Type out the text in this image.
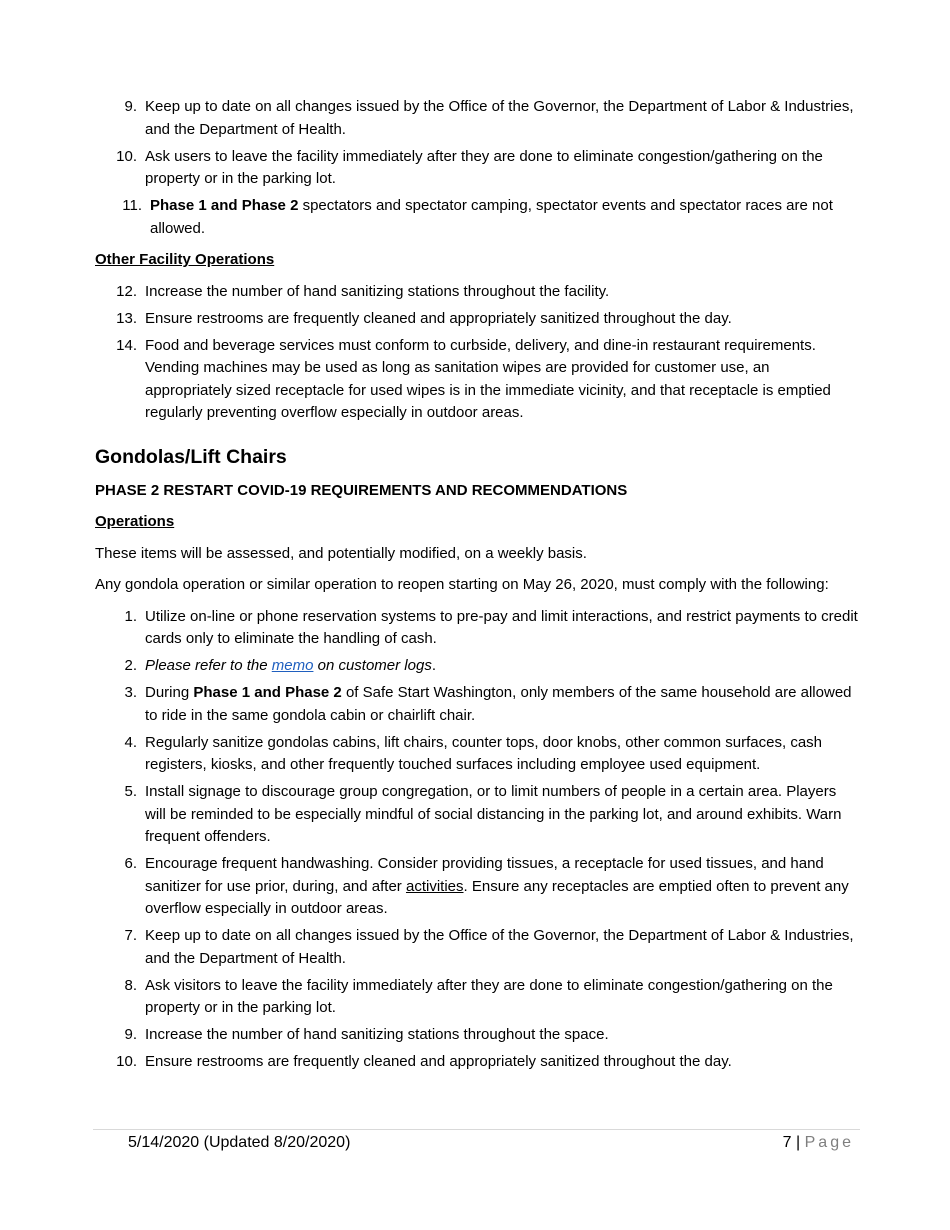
9. Keep up to date on all changes issued by the Office of the Governor, the Department of Labor & Industries, and the Department of Health.
10. Ask users to leave the facility immediately after they are done to eliminate congestion/gathering on the property or in the parking lot.
11. Phase 1 and Phase 2 spectators and spectator camping, spectator events and spectator races are not allowed.
Other Facility Operations
12. Increase the number of hand sanitizing stations throughout the facility.
13. Ensure restrooms are frequently cleaned and appropriately sanitized throughout the day.
14. Food and beverage services must conform to curbside, delivery, and dine-in restaurant requirements. Vending machines may be used as long as sanitation wipes are provided for customer use, an appropriately sized receptacle for used wipes is in the immediate vicinity, and that receptacle is emptied regularly preventing overflow especially in outdoor areas.
Gondolas/Lift Chairs
PHASE 2 RESTART COVID-19 REQUIREMENTS AND RECOMMENDATIONS
Operations

These items will be assessed, and potentially modified, on a weekly basis.

Any gondola operation or similar operation to reopen starting on May 26, 2020, must comply with the following:

1. Utilize on-line or phone reservation systems to pre-pay and limit interactions, and restrict payments to credit cards only to eliminate the handling of cash.
2. Please refer to the memo on customer logs.
3. During Phase 1 and Phase 2 of Safe Start Washington, only members of the same household are allowed to ride in the same gondola cabin or chairlift chair.
4. Regularly sanitize gondolas cabins, lift chairs, counter tops, door knobs, other common surfaces, cash registers, kiosks, and other frequently touched surfaces including employee used equipment.
5. Install signage to discourage group congregation, or to limit numbers of people in a certain area. Players will be reminded to be especially mindful of social distancing in the parking lot, and around exhibits. Warn frequent offenders.
6. Encourage frequent handwashing. Consider providing tissues, a receptacle for used tissues, and hand sanitizer for use prior, during, and after activities. Ensure any receptacles are emptied often to prevent any overflow especially in outdoor areas.
7. Keep up to date on all changes issued by the Office of the Governor, the Department of Labor & Industries, and the Department of Health.
8. Ask visitors to leave the facility immediately after they are done to eliminate congestion/gathering on the property or in the parking lot.
9. Increase the number of hand sanitizing stations throughout the space.
10. Ensure restrooms are frequently cleaned and appropriately sanitized throughout the day.
5/14/2020 (Updated 8/20/2020)	7 | Page
